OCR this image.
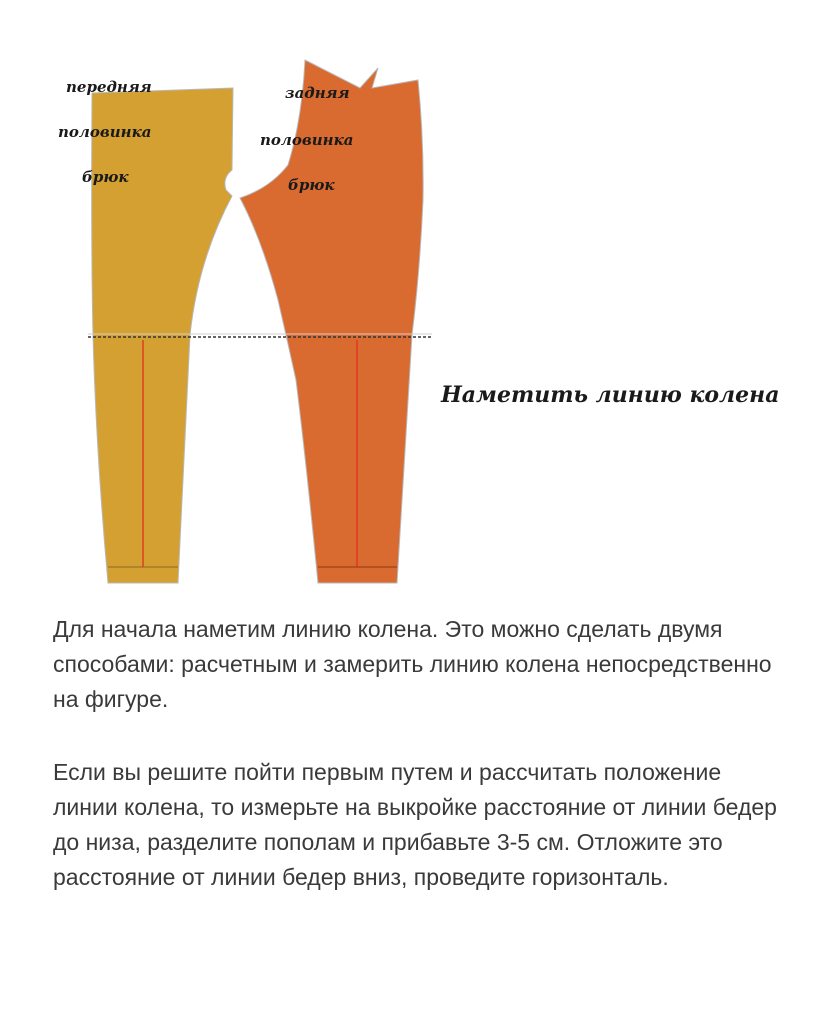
передняя
половинка
брюк
задняя
половинка
брюк
Наметить линию колена

Для начала наметим линию колена. Это можно сделать двумя способами: расчетным и замерить линию колена непосредственно на фигуре.

Если вы решите пойти первым путем и рассчитать положение линии колена, то измерьте на выкройке расстояние от линии бедер до низа, разделите пополам и прибавьте 3-5 см. Отложите это расстояние от линии бедер вниз, проведите горизонталь.
